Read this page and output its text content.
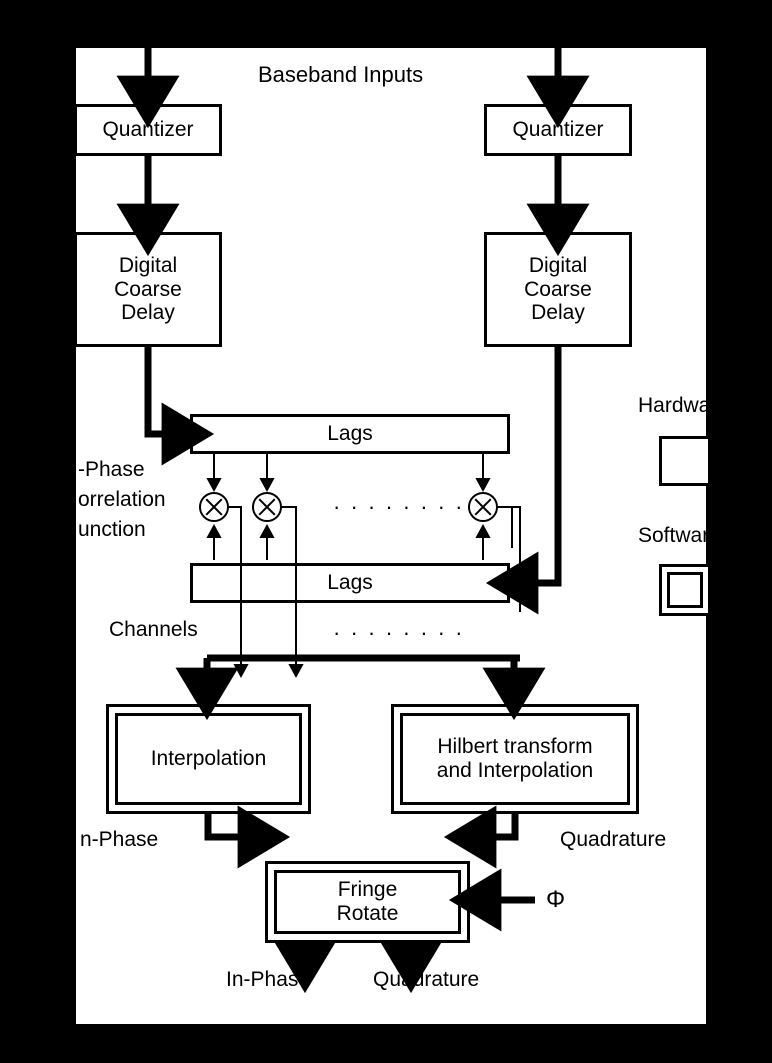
Baseband Inputs
Quantizer	Quantizer
Digital
Coarse
Delay
Digital
Coarse
Delay
Lags
Lags
· · · · · · · ·
· · · · · · · ·
Interpolation
Hilbert transform
and Interpolation
Fringe
Rotate
-Phase
orrelation
unction
Channels
n-Phase	Quadrature
In-Phase	Quadrature
Φ
Hardwa
Softwar
